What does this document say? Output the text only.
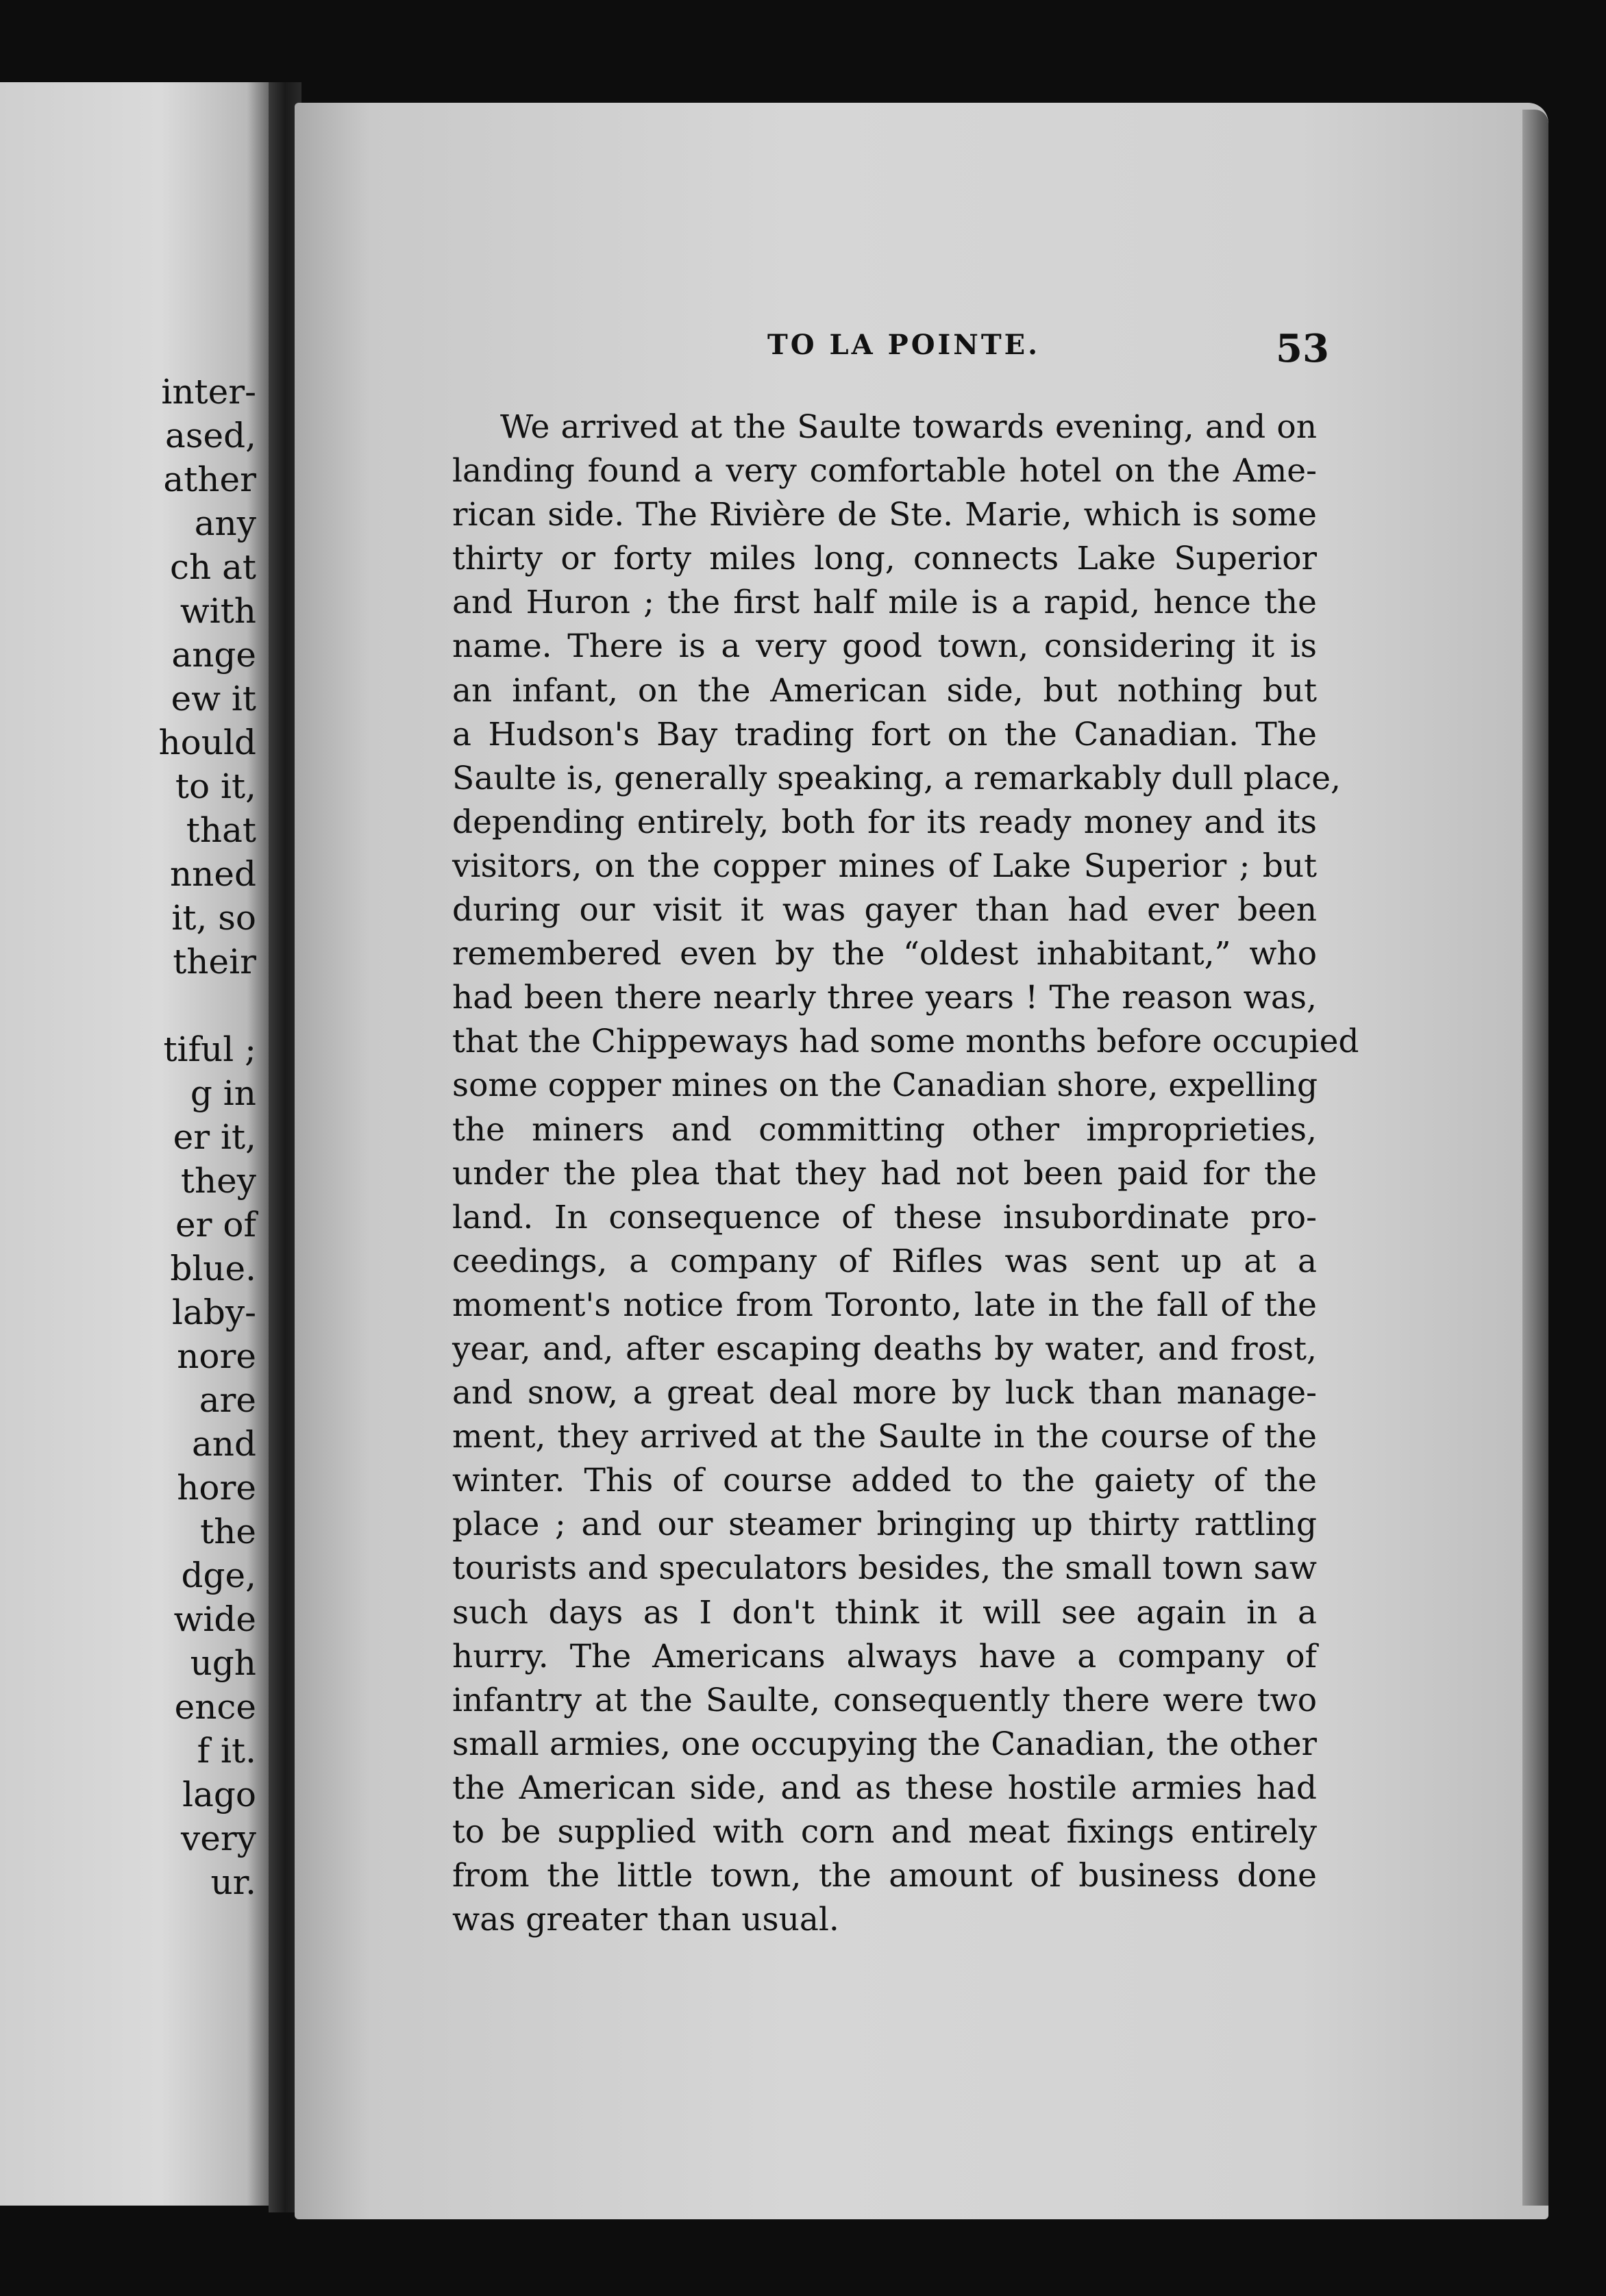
inter-
ased,
ather
any
ch at
with
ange
ew it
hould
to it,
that
nned
it, so
their
tiful ;
g in
er it,
they
er of
blue.
laby-
nore
are
and
hore
the
dge,
wide
ugh
ence
f it.
lago
very
ur.
TO LA POINTE.	53
We arrived at the Saulte towards evening, and on
landing found a very comfortable hotel on the Ame-
rican side. The Rivière de Ste. Marie, which is some
thirty or forty miles long, connects Lake Superior
and Huron ; the first half mile is a rapid, hence the
name. There is a very good town, considering it is
an infant, on the American side, but nothing but
a Hudson's Bay trading fort on the Canadian. The
Saulte is, generally speaking, a remarkably dull place,
depending entirely, both for its ready money and its
visitors, on the copper mines of Lake Superior ; but
during our visit it was gayer than had ever been
remembered even by the “oldest inhabitant,” who
had been there nearly three years ! The reason was,
that the Chippeways had some months before occupied
some copper mines on the Canadian shore, expelling
the miners and committing other improprieties,
under the plea that they had not been paid for the
land. In consequence of these insubordinate pro-
ceedings, a company of Rifles was sent up at a
moment's notice from Toronto, late in the fall of the
year, and, after escaping deaths by water, and frost,
and snow, a great deal more by luck than manage-
ment, they arrived at the Saulte in the course of the
winter. This of course added to the gaiety of the
place ; and our steamer bringing up thirty rattling
tourists and speculators besides, the small town saw
such days as I don't think it will see again in a
hurry. The Americans always have a company of
infantry at the Saulte, consequently there were two
small armies, one occupying the Canadian, the other
the American side, and as these hostile armies had
to be supplied with corn and meat fixings entirely
from the little town, the amount of business done
was greater than usual.
